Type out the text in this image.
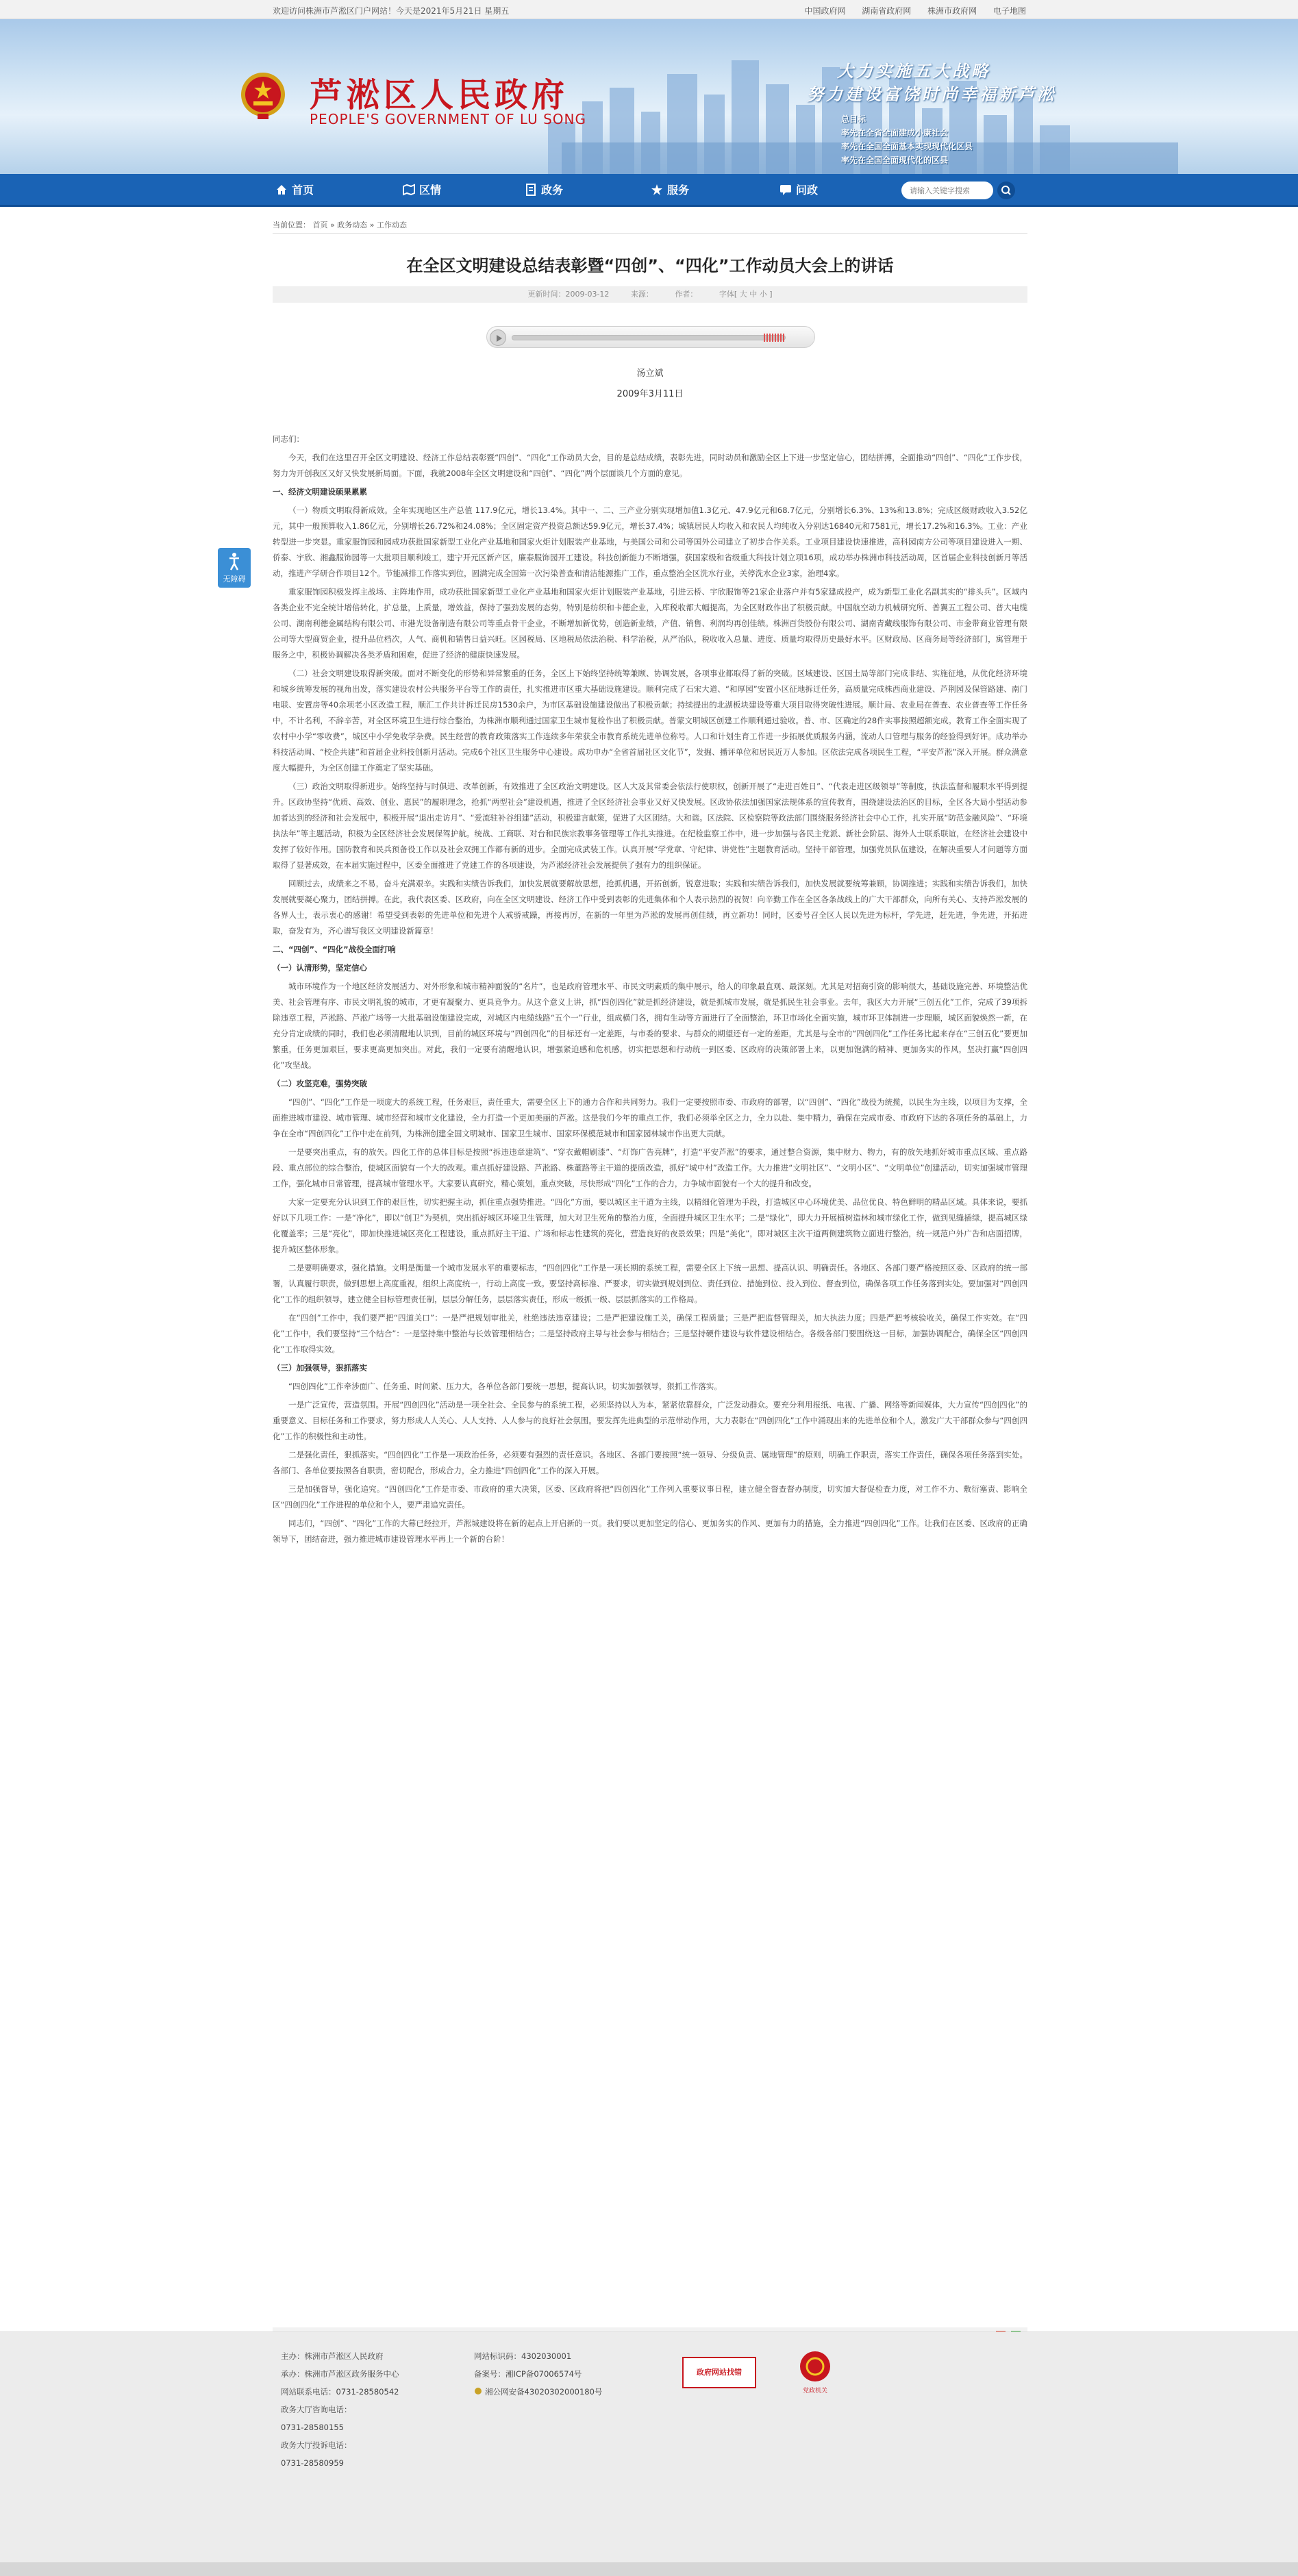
欢迎访问株洲市芦淞区门户网站！今天是2021年5月21日 星期五	中国政府网 湖南省政府网 株洲市政府网 电子地图
芦淞区人民政府
PEOPLE'S GOVERNMENT OF LU SONG
大力实施五大战略
努力建设富饶时尚幸福新芦淞
总目标
率先在全省全面建成小康社会
率先在全国全面基本实现现代化区县
率先在全国全面现代化的区县
首页	区情	政务	服务	问政
请输入关键字搜索
当前位置： 首页 » 政务动态 » 工作动态
在全区文明建设总结表彰暨“四创”、“四化”工作动员大会上的讲话
更新时间：2009-03-12	来源：	作者：	字体[ 大 中 小 ]
汤立斌
2009年3月11日
无障碍

同志们：

今天，我们在这里召开全区文明建设、经济工作总结表彰暨“四创”、“四化”工作动员大会，目的是总结成绩，表彰先进，同时动员和激励全区上下进一步坚定信心，团结拼搏，全面推动“四创”、“四化”工作步伐，努力为开创我区又好又快发展新局面。下面，我就2008年全区文明建设和“四创”、“四化”两个层面谈几个方面的意见。

一、经济文明建设硕果累累

（一）物质文明取得新成效。全年实现地区生产总值 117.9亿元，增长13.4%。其中一、二、三产业分别实现增加值1.3亿元、47.9亿元和68.7亿元，分别增长6.3%、13%和13.8%；完成区级财政收入3.52亿元，其中一般预算收入1.86亿元，分别增长26.72%和24.08%；全区固定资产投资总额达59.9亿元，增长37.4%；城镇居民人均收入和农民人均纯收入分别达16840元和7581元，增长17.2%和16.3%。工业：产业转型进一步突显。重家服饰园和园成功获批国家新型工业化产业基地和国家火炬计划服装产业基地，与美国公司和公司等国外公司建立了初步合作关系。工业项目建设快速推进，高科园南方公司等项目建设进入一期、侨泰、宇欣、湘鑫服饰园等一大批项目顺利竣工，建宁开元区新产区，廉泰服饰园开工建设。科技创新能力不断增强，获国家级和省级重大科技计划立项16项，成功举办株洲市科技活动周，区首届企业科技创新月等活动，推进产学研合作项目12个。节能减排工作落实到位，圆满完成全国第一次污染普查和清洁能源推广工作，重点整治全区洗水行业，关停洗水企业3家，治理4家。

重家服饰园积极发挥主战场、主阵地作用，成功获批国家新型工业化产业基地和国家火炬计划服装产业基地，引进云桥、宇欣服饰等21家企业落户并有5家建成投产，成为新型工业化名副其实的“排头兵”。区域内各类企业不完全统计增倍转化，扩总量，上质量，增效益，保持了强劲发展的态势，特别是纺织和卡德企业，入库税收都大幅提高，为全区财政作出了积极贡献。中国航空动力机械研究所、普翼五工程公司、普大电缆公司、湖南利德金属结构有限公司、市港光设备制造有限公司等重点骨干企业，不断增加新优势，创造新业绩，产值、销售、利润均再创佳绩。株洲百货股份有限公司、湖南青藏线服饰有限公司、市金带商业管理有限公司等大型商贸企业，提升品位档次，人气、商机和销售日益兴旺。区园税局、区地税局依法治税、科学治税，从严治队，税收收入总量、进度、质量均取得历史最好水平。区财政局、区商务局等经济部门，寓管理于服务之中，积极协调解决各类矛盾和困难，促进了经济的健康快速发展。

（二）社会文明建设取得新突破。面对不断变化的形势和异常繁重的任务，全区上下始终坚持统筹兼顾、协调发展，各项事业都取得了新的突破。区域建设、区国土局等部门完成非结、实施征地，从优化经济环境和城乡统筹发展的视角出发，落实建设农村公共服务平台等工作的责任，扎实推进市区重大基础设施建设。顺利完成了石宋大道、“和厚园”安置小区征地拆迁任务，高质量完成株西商业建设、芦荆园及保管路建、南门电联、安置房等40余项老小区改造工程，顺汇工作共计拆迁民房1530余户，为市区基础设施建设做出了积极贡献；持续提出的北湖板块建设等重大项目取得突破性进展。顺计局、农业局在普查、农业普查等工作任务中，不计名利，不辞辛苦，对全区环境卫生进行综合整治，为株洲市顺利通过国家卫生城市复检作出了积极贡献。普蒙文明城区创建工作顺利通过验收。普、市、区确定的28件实事按照超额完成。教育工作全面实现了农村中小学“零收费”，城区中小学免收学杂费。民生经营的教育政策落实工作连续多年荣获全市教育系统先进单位称号。人口和计划生育工作进一步拓展优质服务内涵，流动人口管理与服务的经验得到好评。成功举办科技活动周、“校企共建”和首届企业科技创新月活动。完成6个社区卫生服务中心建设。成功申办“全省首届社区文化节”，发掘、播评单位和居民近万人参加。区依法完成各项民生工程，“平安芦淞”深入开展。群众满意度大幅提升，为全区创建工作奠定了坚实基础。

（三）政治文明取得新进步。始终坚持与时俱进、改革创新，有效推进了全区政治文明建设。区人大及其常委会依法行使职权，创新开展了“走进百姓日”、“代表走进区级领导”等制度，执法监督和履职水平得到提升。区政协坚持“优质、高效、创业、惠民”的履职理念，抢抓“两型社会”建设机遇，推进了全区经济社会事业又好又快发展。区政协依法加强国家法规体系的宣传教育，围绕建设法治区的目标，全区各大局小型活动参加者达到的经济和社会发展中，积极开展“退出走访月”、“爱流驻补谷组建”活动，积极建言献策，促进了大区团结。大和谐。区法院、区检察院等政法部门围绕服务经济社会中心工作，扎实开展“防范金融风险”、“环境执法年”等主题活动，积极为全区经济社会发展保驾护航。统战、工商联、对台和民族宗教事务管理等工作扎实推进。在纪检监察工作中，进一步加强与各民主党派、新社会阶层、海外人士联系联谊，在经济社会建设中发挥了较好作用。国防教育和民兵预备役工作以及社会双拥工作都有新的进步。全面完成武装工作。认真开展“学党章、守纪律、讲党性”主题教育活动。坚持干部管理，加强党员队伍建设，在解决重要人才问题等方面取得了显著成效，在本届实施过程中，区委全面推进了党建工作的各项建设，为芦淞经济社会发展提供了强有力的组织保证。

回顾过去，成绩来之不易，奋斗充满艰辛。实践和实绩告诉我们，加快发展就要解放思想，抢抓机遇，开拓创新，锐意进取；实践和实绩告诉我们，加快发展就要统筹兼顾，协调推进；实践和实绩告诉我们，加快发展就要凝心聚力，团结拼搏。在此，我代表区委、区政府，向在全区文明建设、经济工作中受到表彰的先进集体和个人表示热烈的祝贺！向辛勤工作在全区各条战线上的广大干部群众，向所有关心、支持芦淞发展的各界人士，表示衷心的感谢！希望受到表彰的先进单位和先进个人戒骄戒躁，再接再厉，在新的一年里为芦淞的发展再创佳绩，再立新功！同时，区委号召全区人民以先进为标杆，学先进，赶先进，争先进，开拓进取，奋发有为，齐心谱写我区文明建设新篇章！

二、“四创”、“四化”战役全面打响

（一）认清形势，坚定信心

城市环境作为一个地区经济发展活力、对外形象和城市精神面貌的“名片”，也是政府管理水平、市民文明素质的集中展示，给人的印象最直观、最深刻。尤其是对招商引资的影响很大，基础设施完善、环境整洁优美、社会管理有序、市民文明礼貌的城市，才更有凝聚力、更具竞争力。从这个意义上讲，抓“四创四化”就是抓经济建设，就是抓城市发展，就是抓民生社会事业。去年，我区大力开展“三创五化”工作，完成了39项拆除违章工程，芦淞路、芦淞广场等一大批基础设施建设完成，对城区内电缆线路“五个一”行业，组成横门各，拥有生动等方面进行了全面整治，环卫市场化全面实施，城市环卫体制进一步理顺，城区面貌焕然一新，在充分肯定成绩的同时，我们也必须清醒地认识到，目前的城区环境与“四创四化”的目标还有一定差距，与市委的要求、与群众的期望还有一定的差距，尤其是与全市的“四创四化”工作任务比起来存在“三创五化”要更加繁重，任务更加艰巨，要求更高更加突出。对此，我们一定要有清醒地认识，增强紧迫感和危机感，切实把思想和行动统一到区委、区政府的决策部署上来，以更加饱满的精神、更加务实的作风，坚决打赢“四创四化”攻坚战。

（二）攻坚克难，强势突破

“四创”、“四化”工作是一项庞大的系统工程，任务艰巨，责任重大，需要全区上下的通力合作和共同努力。我们一定要按照市委、市政府的部署，以“四创”、“四化”战役为统揽，以民生为主线，以项目为支撑，全面推进城市建设、城市管理、城市经营和城市文化建设，全力打造一个更加美丽的芦淞。这是我们今年的重点工作，我们必须举全区之力，全力以赴、集中精力，确保在完成市委、市政府下达的各项任务的基础上，力争在全市“四创四化”工作中走在前列，为株洲创建全国文明城市、国家卫生城市、国家环保模范城市和国家园林城市作出更大贡献。

一是要突出重点，有的放矢。四化工作的总体目标是按照“拆违违章建筑”、“穿衣戴帽刷漆”、“灯饰广告亮牌”，打造“平安芦淞”的要求，通过整合资源，集中财力、物力，有的放矢地抓好城市重点区域、重点路段、重点部位的综合整治，使城区面貌有一个大的改观。重点抓好建设路、芦淞路、株董路等主干道的提质改造，抓好“城中村”改造工作。大力推进“文明社区”、“文明小区”、“文明单位”创建活动，切实加强城市管理工作，强化城市日常管理，提高城市管理水平。大家要认真研究，精心策划，重点突破，尽快形成“四化”工作的合力，力争城市面貌有一个大的提升和改变。

大家一定要充分认识到工作的艰巨性，切实把握主动，抓住重点强势推进。“四化”方面，要以城区主干道为主线，以精细化管理为手段，打造城区中心环境优美、品位优良、特色鲜明的精品区域。具体来说，要抓好以下几项工作：一是“净化”，即以“创卫”为契机，突出抓好城区环境卫生管理，加大对卫生死角的整治力度，全面提升城区卫生水平；二是“绿化”，即大力开展植树造林和城市绿化工作，做到见缝插绿，提高城区绿化覆盖率；三是“亮化”，即加快推进城区亮化工程建设，重点抓好主干道、广场和标志性建筑的亮化，营造良好的夜景效果；四是“美化”，即对城区主次干道两侧建筑物立面进行整治，统一规范户外广告和店面招牌，提升城区整体形象。

二是要明确要求，强化措施。文明是衡量一个城市发展水平的重要标志，“四创四化”工作是一项长期的系统工程，需要全区上下统一思想、提高认识、明确责任。各地区、各部门要严格按照区委、区政府的统一部署，认真履行职责，做到思想上高度重视，组织上高度统一，行动上高度一致。要坚持高标准、严要求，切实做到规划到位、责任到位、措施到位、投入到位、督查到位，确保各项工作任务落到实处。要加强对“四创四化”工作的组织领导，建立健全目标管理责任制，层层分解任务，层层落实责任，形成一级抓一级、层层抓落实的工作格局。

在“四创”工作中，我们要严把“四道关口”：一是严把规划审批关，杜绝违法违章建设；二是严把建设施工关，确保工程质量；三是严把监督管理关，加大执法力度；四是严把考核验收关，确保工作实效。在“四化”工作中，我们要坚持“三个结合”：一是坚持集中整治与长效管理相结合；二是坚持政府主导与社会参与相结合；三是坚持硬件建设与软件建设相结合。各级各部门要围绕这一目标，加强协调配合，确保全区“四创四化”工作取得实效。

（三）加强领导，狠抓落实

“四创四化”工作牵涉面广、任务重、时间紧、压力大，各单位各部门要统一思想，提高认识，切实加强领导，狠抓工作落实。

一是广泛宣传，营造氛围。开展“四创四化”活动是一项全社会、全民参与的系统工程，必须坚持以人为本，紧紧依靠群众，广泛发动群众。要充分利用报纸、电视、广播、网络等新闻媒体，大力宣传“四创四化”的重要意义、目标任务和工作要求，努力形成人人关心、人人支持、人人参与的良好社会氛围。要发挥先进典型的示范带动作用，大力表彰在“四创四化”工作中涌现出来的先进单位和个人，激发广大干部群众参与“四创四化”工作的积极性和主动性。

二是强化责任，狠抓落实。“四创四化”工作是一项政治任务，必须要有强烈的责任意识。各地区、各部门要按照“统一领导、分级负责、属地管理”的原则，明确工作职责，落实工作责任，确保各项任务落到实处。各部门、各单位要按照各自职责，密切配合，形成合力，全力推进“四创四化”工作的深入开展。

三是加强督导，强化追究。“四创四化”工作是市委、市政府的重大决策，区委、区政府将把“四创四化”工作列入重要议事日程，建立健全督查督办制度，切实加大督促检查力度，对工作不力、敷衍塞责、影响全区“四创四化”工作进程的单位和个人，要严肃追究责任。

同志们，“四创”、“四化”工作的大幕已经拉开，芦淞城建设将在新的起点上开启新的一页。我们要以更加坚定的信心、更加务实的作风、更加有力的措施，全力推进“四创四化”工作。让我们在区委、区政府的正确领导下，团结奋进，强力推进城市建设管理水平再上一个新的台阶！

主办：株洲市芦淞区人民政府
承办：株洲市芦淞区政务服务中心
网站联系电话：0731-28580542
政务大厅咨询电话：
0731-28580155
政务大厅投诉电话：
0731-28580959
网站标识码：4302030001
备案号：湘ICP备07006574号
湘公网安备43020302000180号
政府网站找错
党政机关
